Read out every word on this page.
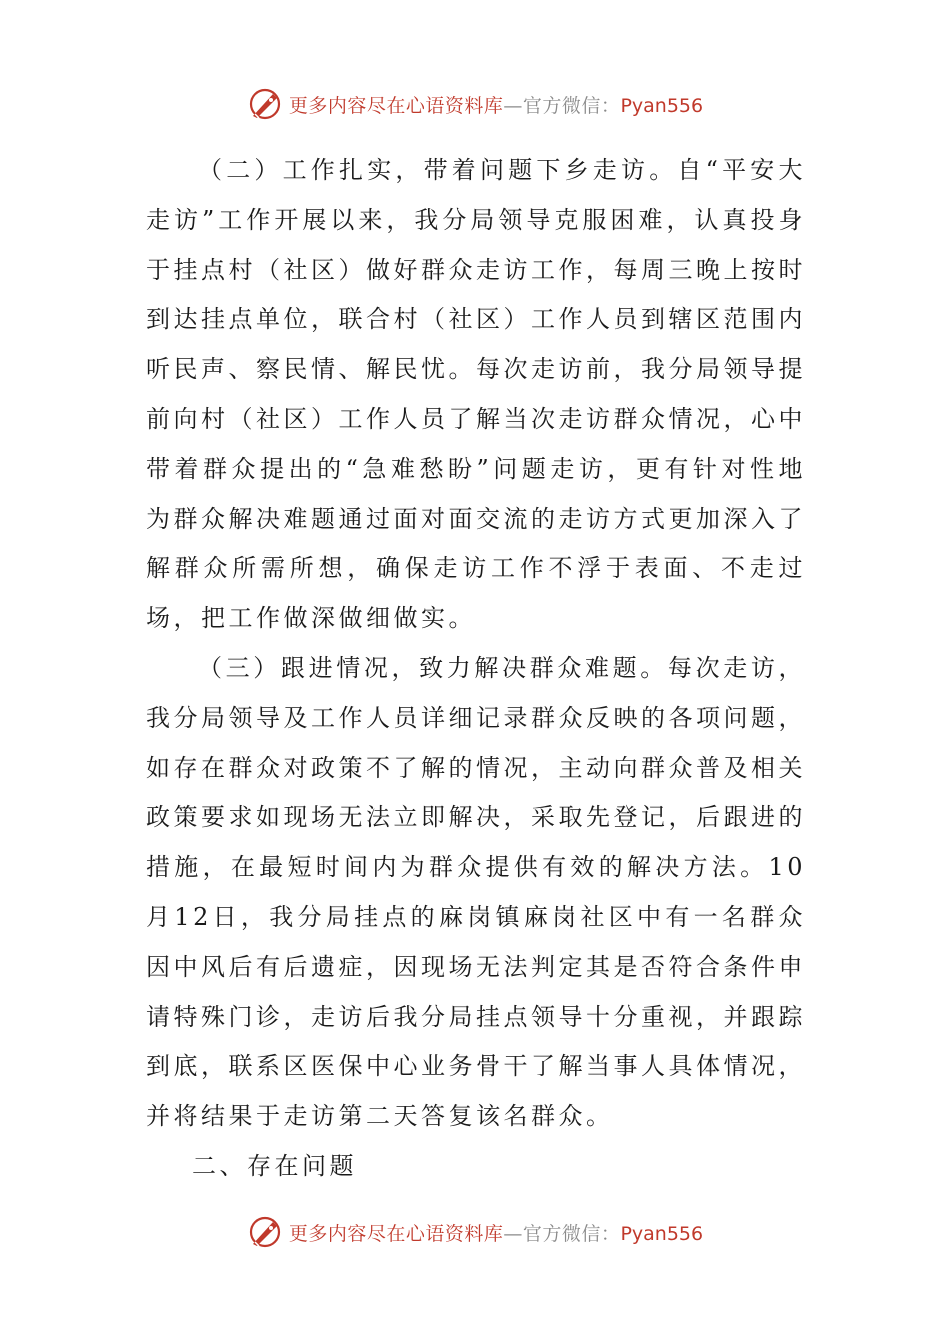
更多内容尽在心语资料库—官方微信：Pyan556

（二）工作扎实，带着问题下乡走访。自“平安大走访”工作开展以来，我分局领导克服困难，认真投身于挂点村（社区）做好群众走访工作，每周三晚上按时到达挂点单位，联合村（社区）工作人员到辖区范围内听民声、察民情、解民忧。每次走访前，我分局领导提前向村（社区）工作人员了解当次走访群众情况，心中带着群众提出的“急难愁盼”问题走访，更有针对性地为群众解决难题通过面对面交流的走访方式更加深入了解群众所需所想，确保走访工作不浮于表面、不走过场，把工作做深做细做实。

（三）跟进情况，致力解决群众难题。每次走访，我分局领导及工作人员详细记录群众反映的各项问题，如存在群众对政策不了解的情况，主动向群众普及相关政策要求如现场无法立即解决，采取先登记，后跟进的措施，在最短时间内为群众提供有效的解决方法。10月12日，我分局挂点的麻岗镇麻岗社区中有一名群众因中风后有后遗症，因现场无法判定其是否符合条件申请特殊门诊，走访后我分局挂点领导十分重视，并跟踪到底，联系区医保中心业务骨干了解当事人具体情况，并将结果于走访第二天答复该名群众。

二、存在问题

更多内容尽在心语资料库—官方微信：Pyan556
